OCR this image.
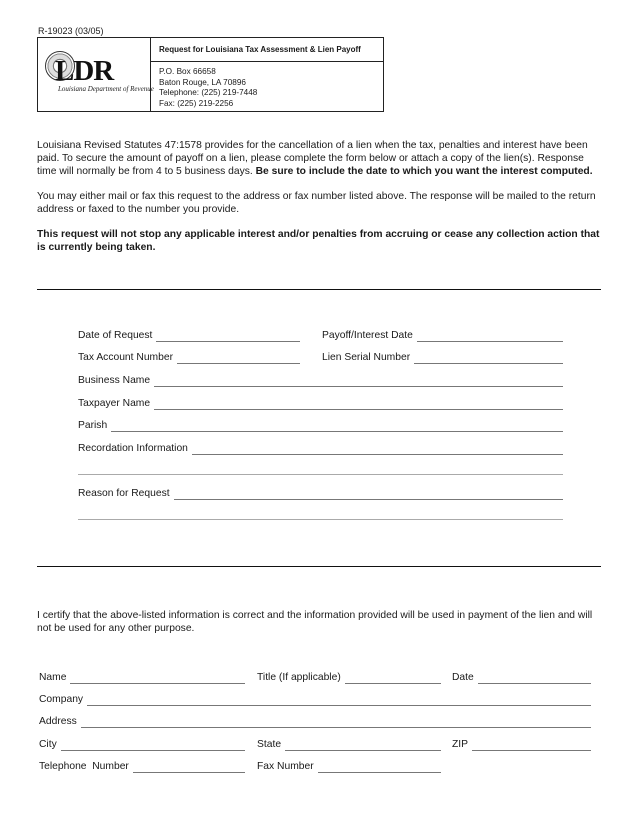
R-19023 (03/05)
LDR
Louisiana Department of Revenue
Request for Louisiana Tax Assessment & Lien Payoff
P.O. Box 66658
Baton Rouge, LA 70896
Telephone: (225) 219-7448
Fax: (225) 219-2256

Louisiana Revised Statutes 47:1578 provides for the cancellation of a lien when the tax, penalties and interest have been paid. To secure the amount of payoff on a lien, please complete the form below or attach a copy of the lien(s). Response time will normally be from 4 to 5 business days. Be sure to include the date to which you want the interest computed.

You may either mail or fax this request to the address or fax number listed above. The response will be mailed to the return address or faxed to the number you provide.

This request will not stop any applicable interest and/or penalties from accruing or cease any collection action that is currently being taken.

Date of Request	Payoff/Interest Date
Tax Account Number	Lien Serial Number
Business Name
Taxpayer Name
Parish
Recordation Information
Reason for Request

I certify that the above-listed information is correct and the information provided will be used in payment of the lien and will not be used for any other purpose.

Name	Title (If applicable)	Date
Company
Address
City	State	ZIP
Telephone  Number	Fax Number
